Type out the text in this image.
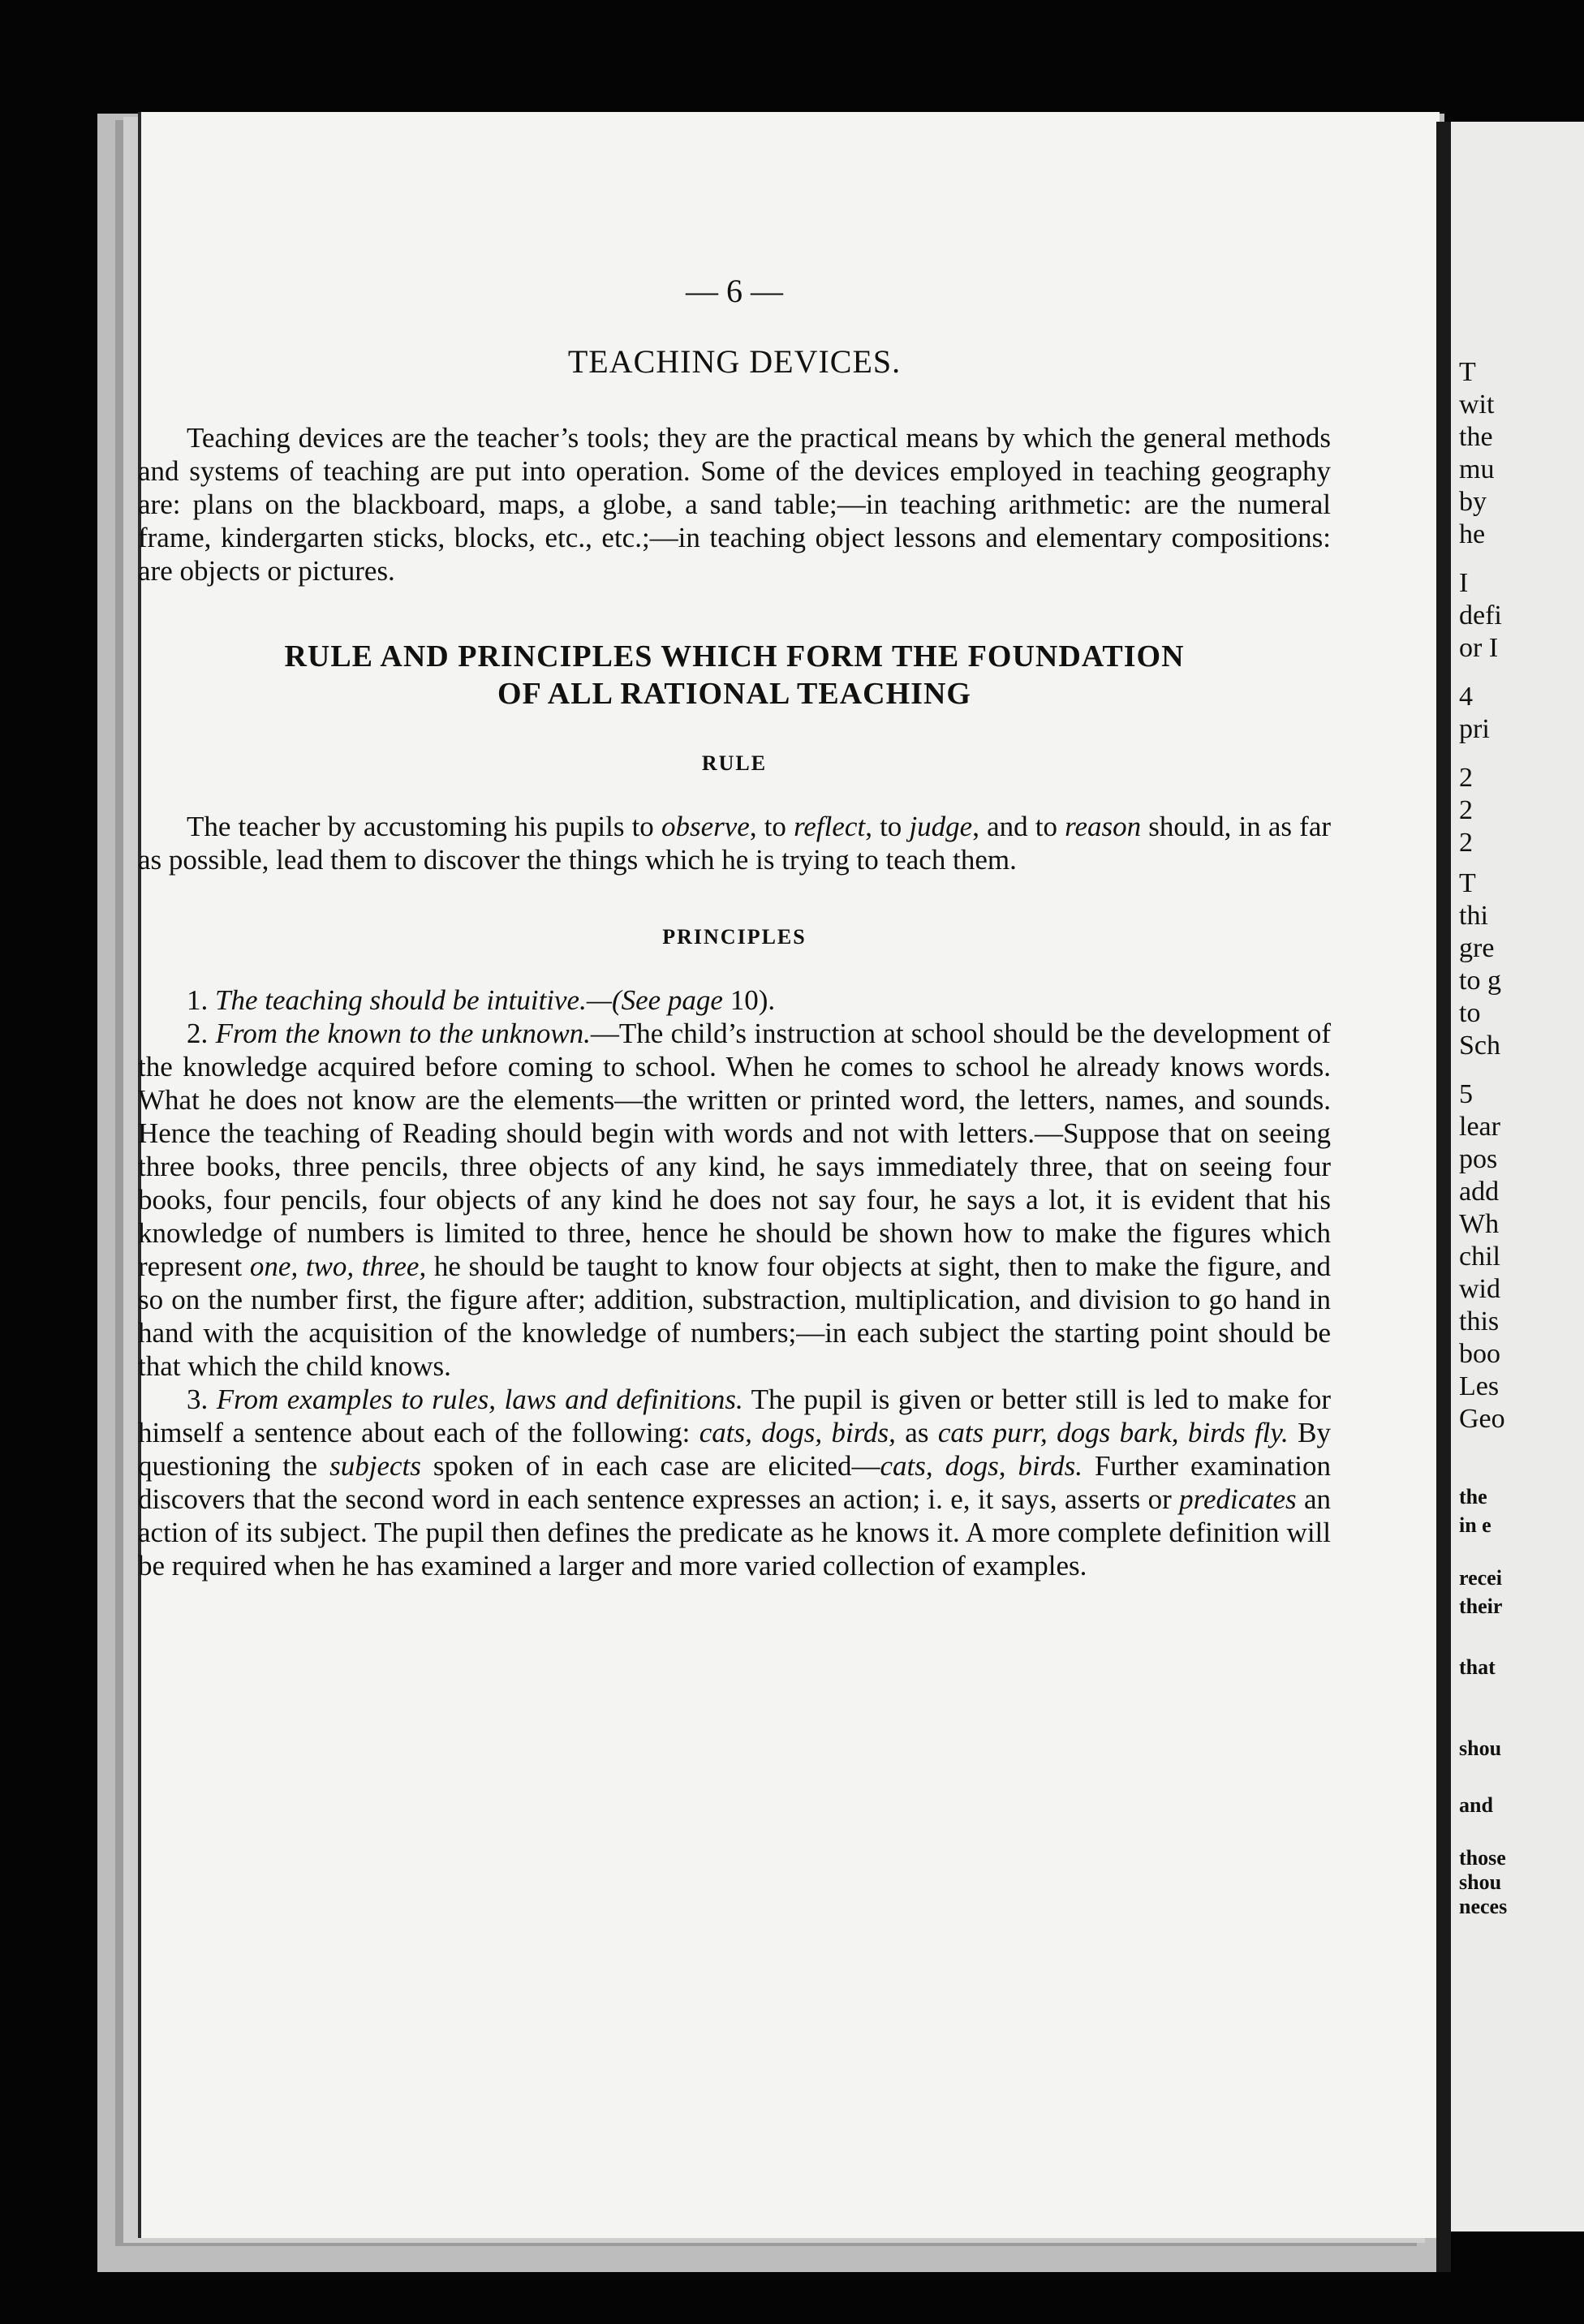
T
wit
the
mu
by
he
I
defi
or I
4
pri
2
2
2
T
thi
gre
to g
to
Sch
5
lear
pos
add
Wh
chil
wid
this
boo
Les
Geo
the
in e
recei
their
that
shou
and
those
shou
neces
— 6 —
TEACHING DEVICES.

Teaching devices are the teacher’s tools; they are the practical means by which the general methods and systems of teaching are put into operation. Some of the devices employed in teaching geography are: plans on the blackboard, maps, a globe, a sand table;—in teaching arithmetic: are the numeral frame, kindergarten sticks, blocks, etc., etc.;—in teaching object lessons and elementary compositions: are objects or pictures.

RULE AND PRINCIPLES WHICH FORM THE FOUNDATION
OF ALL RATIONAL TEACHING
RULE

The teacher by accustoming his pupils to observe, to reflect, to judge, and to reason should, in as far as possible, lead them to discover the things which he is trying to teach them.

PRINCIPLES

1. The teaching should be intuitive.—(See page 10).

2. From the known to the unknown.—The child’s instruction at school should be the development of the knowledge acquired before coming to school. When he comes to school he already knows words. What he does not know are the elements—the written or printed word, the letters, names, and sounds. Hence the teaching of Reading should begin with words and not with letters.—Suppose that on seeing three books, three pencils, three objects of any kind, he says immediately three, that on seeing four books, four pencils, four objects of any kind he does not say four, he says a lot, it is evident that his knowledge of numbers is limited to three, hence he should be shown how to make the figures which represent one, two, three, he should be taught to know four objects at sight, then to make the figure, and so on the number first, the figure after; addition, substraction, multiplication, and division to go hand in hand with the acquisition of the knowledge of numbers;—in each subject the starting point should be that which the child knows.

3. From examples to rules, laws and definitions. The pupil is given or better still is led to make for himself a sentence about each of the following: cats, dogs, birds, as cats purr, dogs bark, birds fly. By questioning the subjects spoken of in each case are elicited—cats, dogs, birds. Further examination discovers that the second word in each sentence expresses an action; i. e, it says, asserts or predicates an action of its subject. The pupil then defines the predicate as he knows it. A more complete definition will be required when he has examined a larger and more varied collection of examples.
